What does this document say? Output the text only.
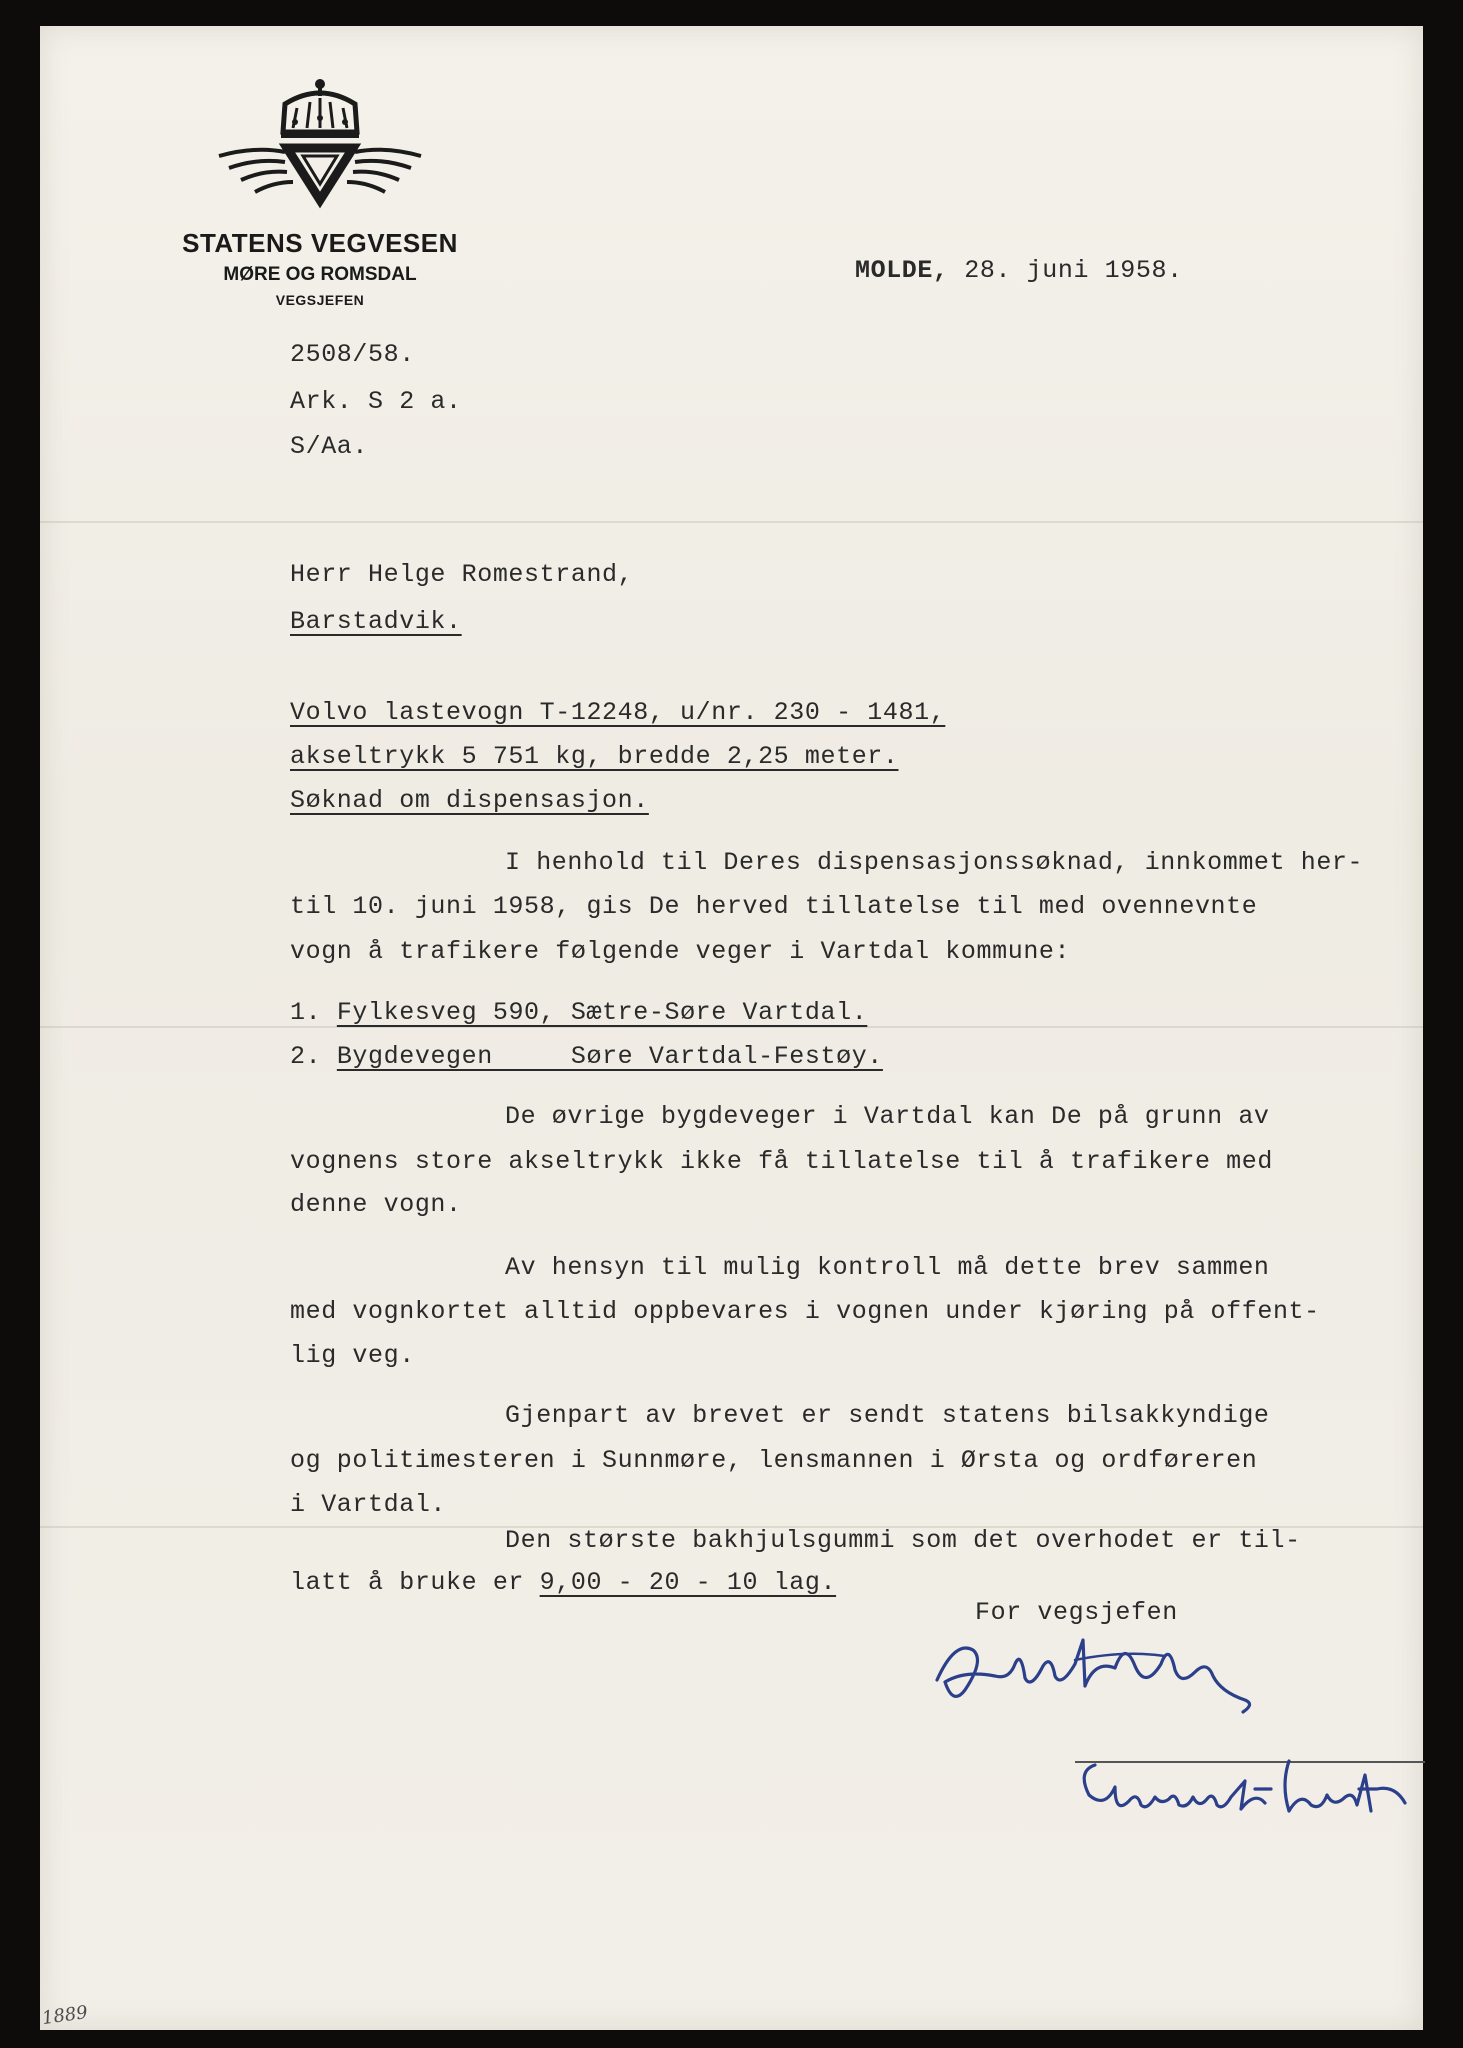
STATENS VEGVESEN
MØRE OG ROMSDAL
VEGSJEFEN
MOLDE, 28. juni 1958.
2508/58.
Ark. S 2 a.
S/Aa.
Herr Helge Romestrand,
Barstadvik.
Volvo lastevogn T-12248, u/nr. 230 - 1481,
akseltrykk 5 751 kg, bredde 2,25 meter.
Søknad om dispensasjon.
I henhold til Deres dispensasjonssøknad, innkommet her-
til 10. juni 1958, gis De herved tillatelse til med ovennevnte
vogn å trafikere følgende veger i Vartdal kommune:
1. Fylkesveg 590, Sætre-Søre Vartdal.
2. Bygdevegen     Søre Vartdal-Festøy.
De øvrige bygdeveger i Vartdal kan De på grunn av
vognens store akseltrykk ikke få tillatelse til å trafikere med
denne vogn.
Av hensyn til mulig kontroll må dette brev sammen
med vognkortet alltid oppbevares i vognen under kjøring på offent-
lig veg.
Gjenpart av brevet er sendt statens bilsakkyndige
og politimesteren i Sunnmøre, lensmannen i Ørsta og ordføreren
i Vartdal.
Den største bakhjulsgummi som det overhodet er til-
latt å bruke er 9,00 - 20 - 10 lag.
For vegsjefen
1889
